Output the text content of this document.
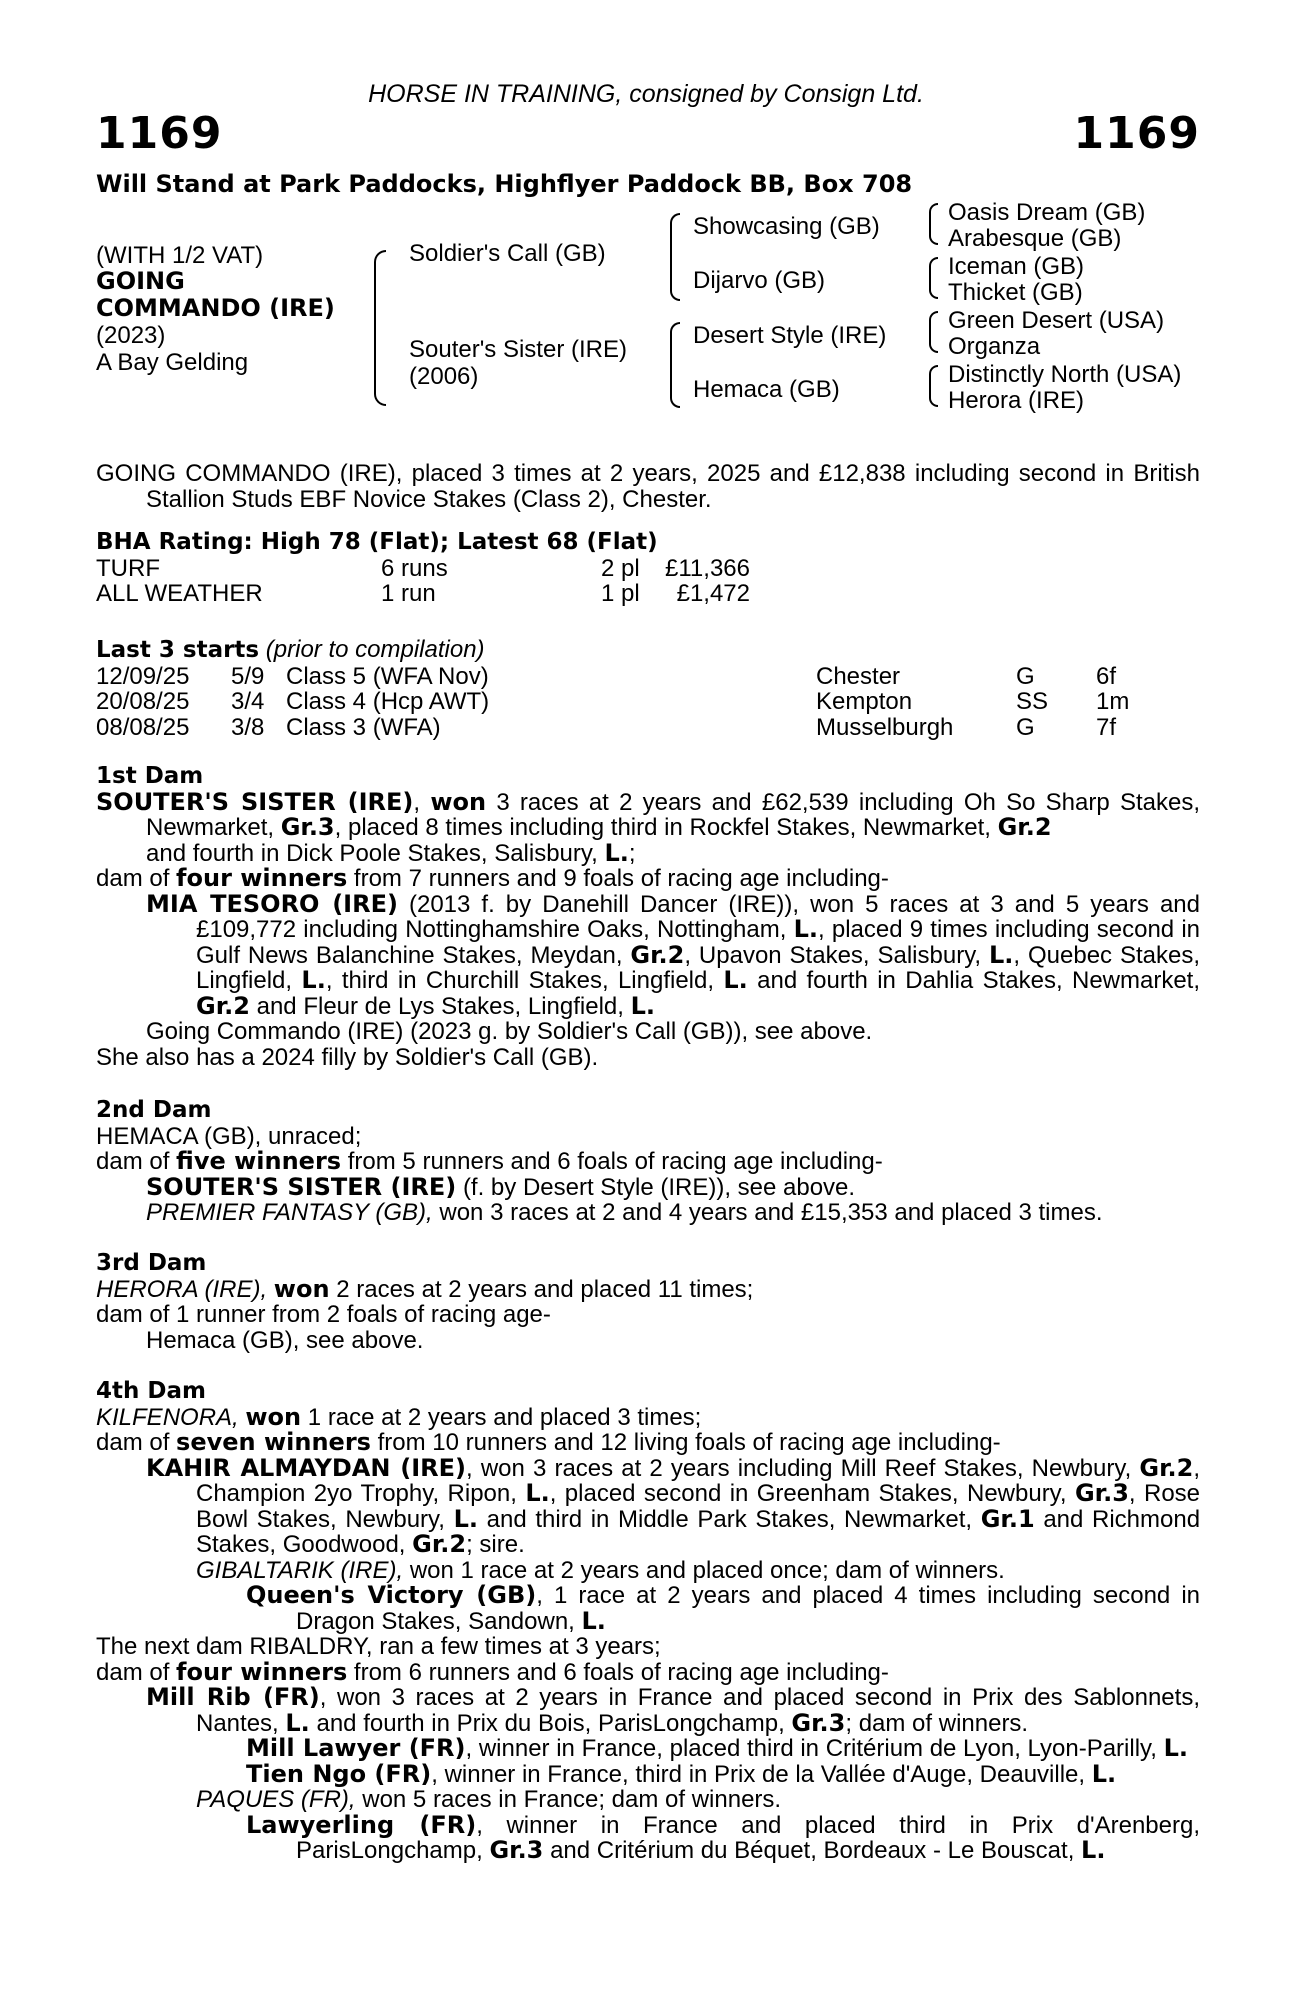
HORSE IN TRAINING, consigned by Consign Ltd.
1169	1169
Will Stand at Park Paddocks, Highflyer Paddock BB, Box 708
(WITH 1/2 VAT)
GOING
COMMANDO (IRE)
(2023)
A Bay Gelding
Soldier's Call (GB)
Souter's Sister (IRE)
(2006)
Showcasing (GB)
Dijarvo (GB)
Desert Style (IRE)
Hemaca (GB)
Oasis Dream (GB)
Arabesque (GB)
Iceman (GB)
Thicket (GB)
Green Desert (USA)
Organza
Distinctly North (USA)
Herora (IRE)

GOING COMMANDO (IRE), placed 3 times at 2 years, 2025 and £12,838 including second in British Stallion Studs EBF Novice Stakes (Class 2), Chester.

BHA Rating: High 78 (Flat); Latest 68 (Flat)
TURF	6 runs	2 pl £11,366
ALL WEATHER	1 run	1 pl £1,472
Last 3 starts (prior to compilation)
12/09/25 5/9 Class 5 (WFA Nov)	Chester	G	6f
20/08/25 3/4 Class 4 (Hcp AWT)	Kempton	SS 1m
08/08/25 3/8 Class 3 (WFA)	Musselburgh	G	7f
1st Dam

SOUTER'S SISTER (IRE), won 3 races at 2 years and £62,539 including Oh So Sharp Stakes, Newmarket, Gr.3, placed 8 times including third in Rockfel Stakes, Newmarket, Gr.2

and fourth in Dick Poole Stakes, Salisbury, L.;

dam of four winners from 7 runners and 9 foals of racing age including-

MIA TESORO (IRE) (2013 f. by Danehill Dancer (IRE)), won 5 races at 3 and 5 years and £109,772 including Nottinghamshire Oaks, Nottingham, L., placed 9 times including second in Gulf News Balanchine Stakes, Meydan, Gr.2, Upavon Stakes, Salisbury, L., Quebec Stakes, Lingfield, L., third in Churchill Stakes, Lingfield, L. and fourth in Dahlia Stakes, Newmarket, Gr.2 and Fleur de Lys Stakes, Lingfield, L.

Going Commando (IRE) (2023 g. by Soldier's Call (GB)), see above.

She also has a 2024 filly by Soldier's Call (GB).

2nd Dam

HEMACA (GB), unraced;

dam of five winners from 5 runners and 6 foals of racing age including-

SOUTER'S SISTER (IRE) (f. by Desert Style (IRE)), see above.

PREMIER FANTASY (GB), won 3 races at 2 and 4 years and £15,353 and placed 3 times.

3rd Dam

HERORA (IRE), won 2 races at 2 years and placed 11 times;

dam of 1 runner from 2 foals of racing age-

Hemaca (GB), see above.

4th Dam

KILFENORA, won 1 race at 2 years and placed 3 times;

dam of seven winners from 10 runners and 12 living foals of racing age including-

KAHIR ALMAYDAN (IRE), won 3 races at 2 years including Mill Reef Stakes, Newbury, Gr.2, Champion 2yo Trophy, Ripon, L., placed second in Greenham Stakes, Newbury, Gr.3, Rose Bowl Stakes, Newbury, L. and third in Middle Park Stakes, Newmarket, Gr.1 and Richmond Stakes, Goodwood, Gr.2; sire.

GIBALTARIK (IRE), won 1 race at 2 years and placed once; dam of winners.

Queen's Victory (GB), 1 race at 2 years and placed 4 times including second in Dragon Stakes, Sandown, L.

The next dam RIBALDRY, ran a few times at 3 years;

dam of four winners from 6 runners and 6 foals of racing age including-

Mill Rib (FR), won 3 races at 2 years in France and placed second in Prix des Sablonnets, Nantes, L. and fourth in Prix du Bois, ParisLongchamp, Gr.3; dam of winners.

Mill Lawyer (FR), winner in France, placed third in Critérium de Lyon, Lyon-Parilly, L.

Tien Ngo (FR), winner in France, third in Prix de la Vallée d'Auge, Deauville, L.

PAQUES (FR), won 5 races in France; dam of winners.

Lawyerling (FR), winner in France and placed third in Prix d'Arenberg, ParisLongchamp, Gr.3 and Critérium du Béquet, Bordeaux - Le Bouscat, L.
